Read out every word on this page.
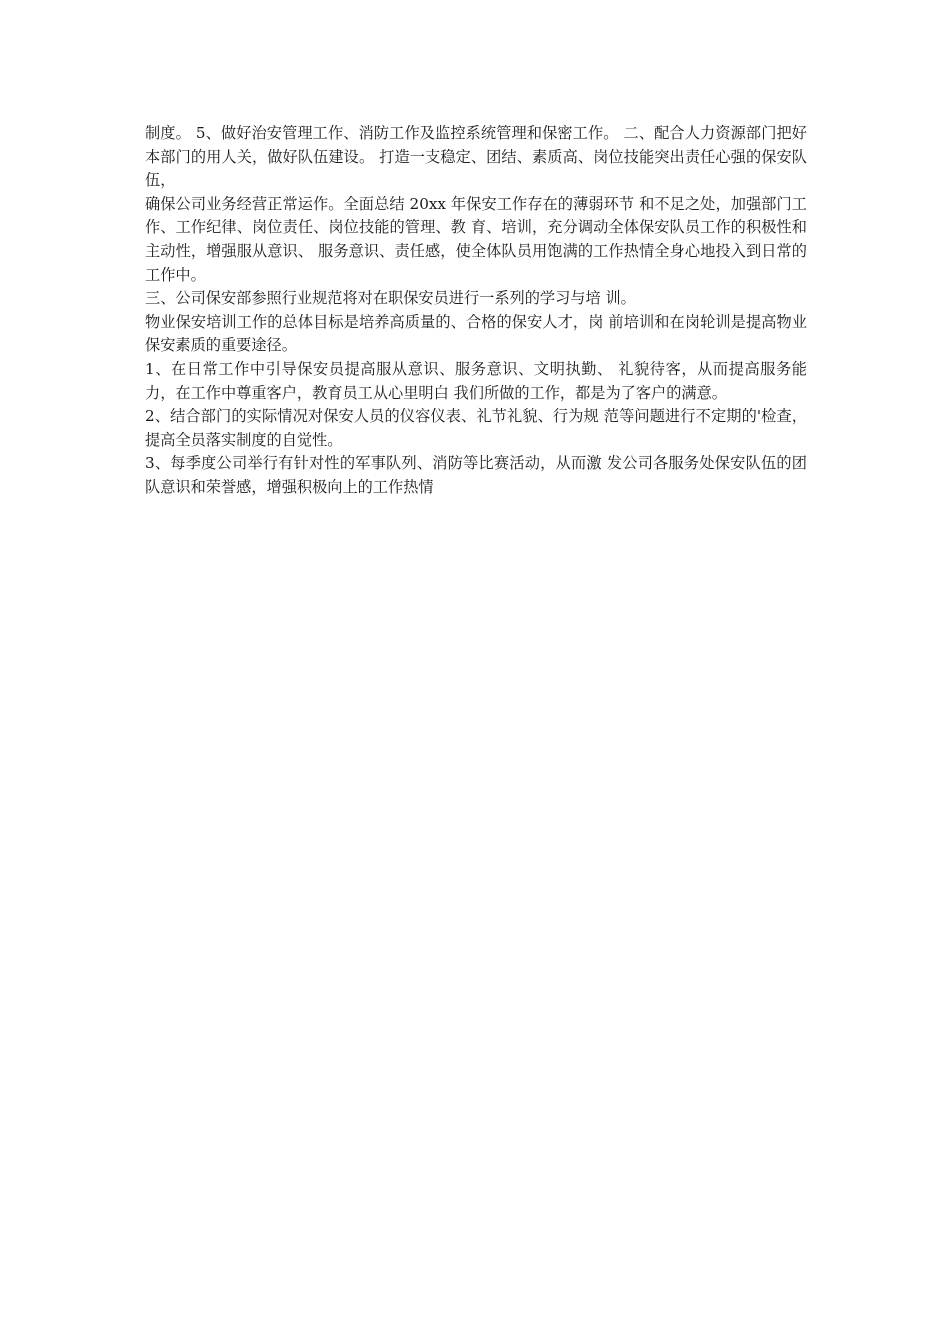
制度。 5、做好治安管理工作、消防工作及监控系统管理和保密工作。 二、配合人力资源部门把好本部门的用人关，做好队伍建设。 打造一支稳定、团结、素质高、岗位技能突出责任心强的保安队伍，

确保公司业务经营正常运作。全面总结 20xx 年保安工作存在的薄弱环节 和不足之处，加强部门工作、工作纪律、岗位责任、岗位技能的管理、教 育、培训，充分调动全体保安队员工作的积极性和主动性，增强服从意识、 服务意识、责任感，使全体队员用饱满的工作热情全身心地投入到日常的 工作中。

三、公司保安部参照行业规范将对在职保安员进行一系列的学习与培 训。

物业保安培训工作的总体目标是培养高质量的、合格的保安人才，岗 前培训和在岗轮训是提高物业保安素质的重要途径。

1、在日常工作中引导保安员提高服从意识、服务意识、文明执勤、 礼貌待客，从而提高服务能力，在工作中尊重客户，教育员工从心里明白 我们所做的工作，都是为了客户的满意。

2、结合部门的实际情况对保安人员的仪容仪表、礼节礼貌、行为规 范等问题进行不定期的'检查，提高全员落实制度的自觉性。

3、每季度公司举行有针对性的军事队列、消防等比赛活动，从而激 发公司各服务处保安队伍的团队意识和荣誉感，增强积极向上的工作热情
